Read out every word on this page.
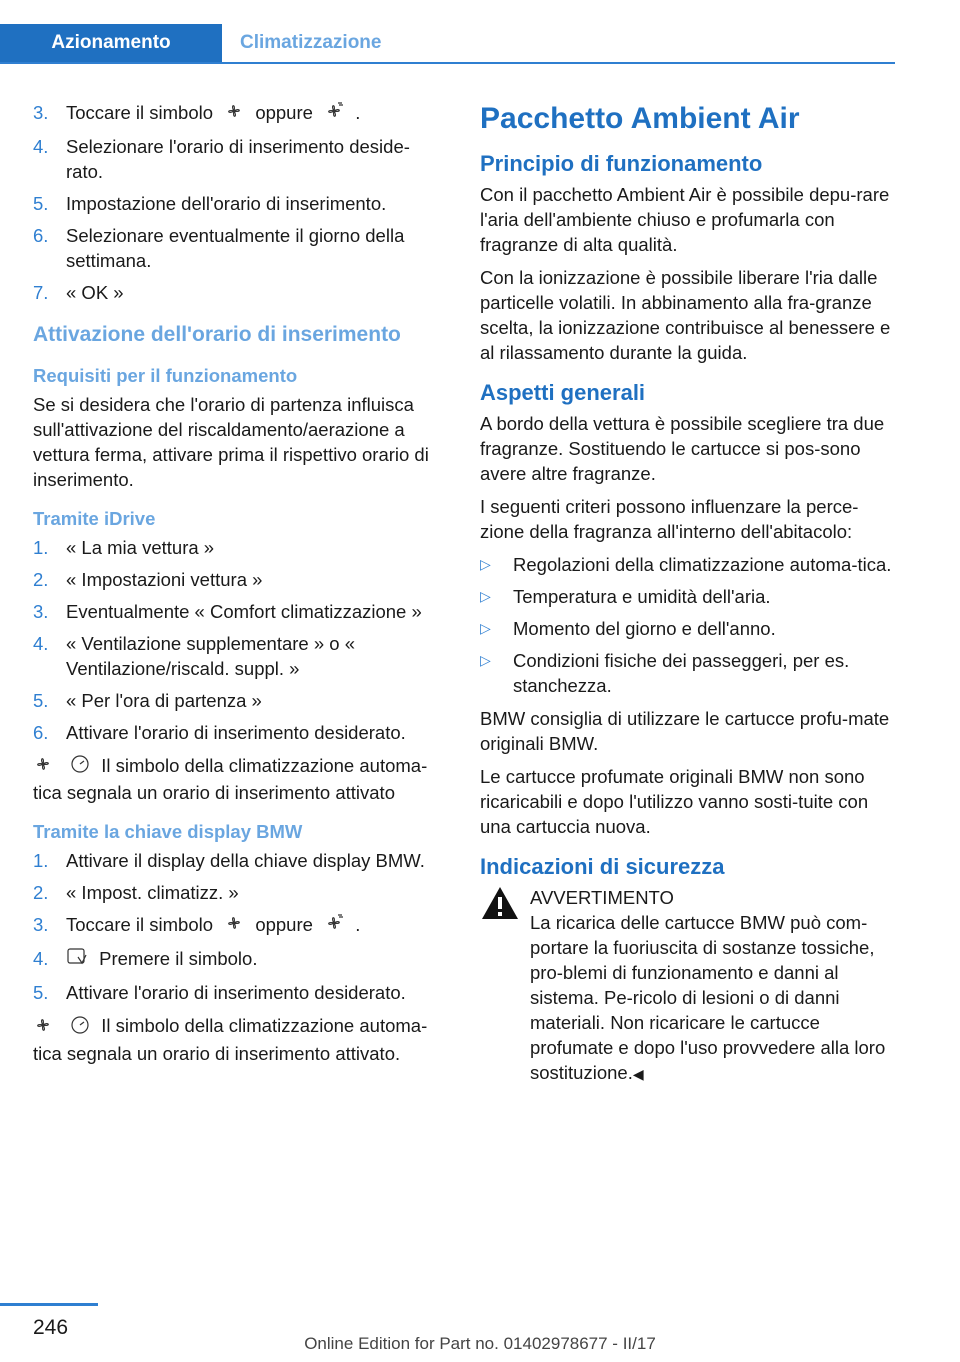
Azionamento	Climatizzazione
3. Toccare il simbolo oppure .
4. Selezionare l'orario di inserimento deside-rato.
5. Impostazione dell'orario di inserimento.
6. Selezionare eventualmente il giorno della settimana.
7. « OK »
Attivazione dell'orario di inserimento
Requisiti per il funzionamento

Se si desidera che l'orario di partenza influisca sull'attivazione del riscaldamento/aerazione a vettura ferma, attivare prima il rispettivo orario di inserimento.

Tramite iDrive
1. « La mia vettura »
2. « Impostazioni vettura »
3. Eventualmente « Comfort climatizzazione »
4. « Ventilazione supplementare » o « Ventilazione/riscald. suppl. »
5. « Per l'ora di partenza »
6. Attivare l'orario di inserimento desiderato.

Il simbolo della climatizzazione automa-tica segnala un orario di inserimento attivato

Tramite la chiave display BMW
1. Attivare il display della chiave display BMW.
2. « Impost. climatizz. »
3. Toccare il simbolo oppure .
4.	Premere il simbolo.
5. Attivare l'orario di inserimento desiderato.

Il simbolo della climatizzazione automa-tica segnala un orario di inserimento attivato.

Pacchetto Ambient Air
Principio di funzionamento

Con il pacchetto Ambient Air è possibile depu-rare l'aria dell'ambiente chiuso e profumarla con fragranze di alta qualità.

Con la ionizzazione è possibile liberare l'ria dalle particelle volatili. In abbinamento alla fra-granze scelta, la ionizzazione contribuisce al benessere e al rilassamento durante la guida.

Aspetti generali

A bordo della vettura è possibile scegliere tra due fragranze. Sostituendo le cartucce si pos-sono avere altre fragranze.

I seguenti criteri possono influenzare la perce-zione della fragranza all'interno dell'abitacolo:

▷ Regolazioni della climatizzazione automa-tica.
▷ Temperatura e umidità dell'aria.
▷ Momento del giorno e dell'anno.
▷ Condizioni fisiche dei passeggeri, per es. stanchezza.

BMW consiglia di utilizzare le cartucce profu-mate originali BMW.

Le cartucce profumate originali BMW non sono ricaricabili e dopo l'utilizzo vanno sosti-tuite con una cartuccia nuova.

Indicazioni di sicurezza
AVVERTIMENTO

La ricarica delle cartucce BMW può com-portare la fuoriuscita di sostanze tossiche, pro-blemi di funzionamento e danni al sistema. Pe-ricolo di lesioni o di danni materiali. Non ricaricare le cartucce profumate e dopo l'uso provvedere alla loro sostituzione.◀

246
Online Edition for Part no. 01402978677 - II/17
